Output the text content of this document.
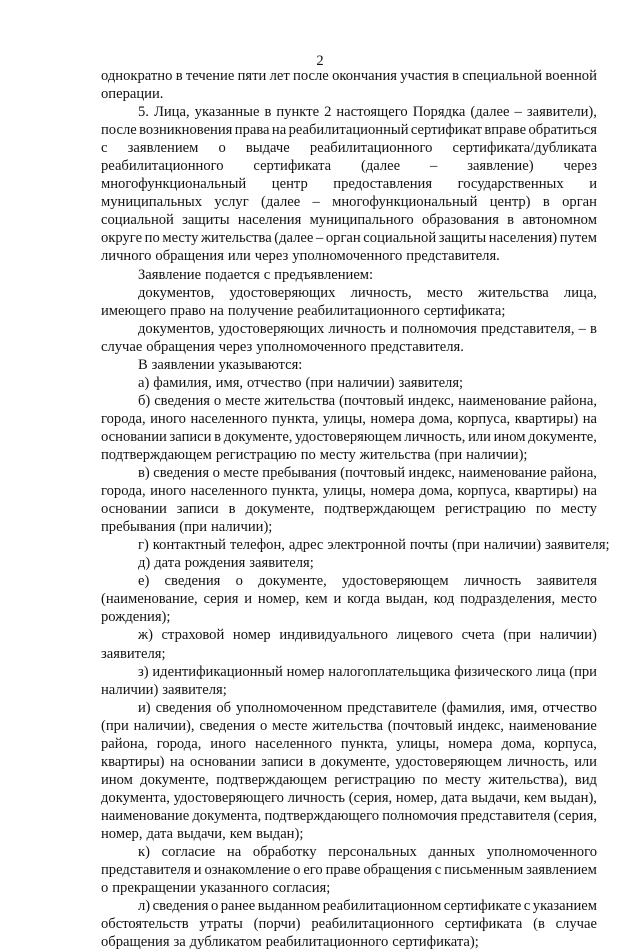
2
однократно в течение пяти лет после окончания участия в специальной военной
операции.
5. Лица, указанные в пункте 2 настоящего Порядка (далее – заявители),
после возникновения права на реабилитационный сертификат вправе обратиться
с заявлением о выдаче реабилитационного сертификата/дубликата
реабилитационного сертификата (далее – заявление) через
многофункциональный центр предоставления государственных и
муниципальных услуг (далее – многофункциональный центр) в орган
социальной защиты населения муниципального образования в автономном
округе по месту жительства (далее – орган социальной защиты населения) путем
личного обращения или через уполномоченного представителя.
Заявление подается с предъявлением:
документов, удостоверяющих личность, место жительства лица,
имеющего право на получение реабилитационного сертификата;
документов, удостоверяющих личность и полномочия представителя, – в
случае обращения через уполномоченного представителя.
В заявлении указываются:
а) фамилия, имя, отчество (при наличии) заявителя;
б) сведения о месте жительства (почтовый индекс, наименование района,
города, иного населенного пункта, улицы, номера дома, корпуса, квартиры) на
основании записи в документе, удостоверяющем личность, или ином документе,
подтверждающем регистрацию по месту жительства (при наличии);
в) сведения о месте пребывания (почтовый индекс, наименование района,
города, иного населенного пункта, улицы, номера дома, корпуса, квартиры) на
основании записи в документе, подтверждающем регистрацию по месту
пребывания (при наличии);
г) контактный телефон, адрес электронной почты (при наличии) заявителя;
д) дата рождения заявителя;
е) сведения о документе, удостоверяющем личность заявителя
(наименование, серия и номер, кем и когда выдан, код подразделения, место
рождения);
ж) страховой номер индивидуального лицевого счета (при наличии)
заявителя;
з) идентификационный номер налогоплательщика физического лица (при
наличии) заявителя;
и) сведения об уполномоченном представителе (фамилия, имя, отчество
(при наличии), сведения о месте жительства (почтовый индекс, наименование
района, города, иного населенного пункта, улицы, номера дома, корпуса,
квартиры) на основании записи в документе, удостоверяющем личность, или
ином документе, подтверждающем регистрацию по месту жительства), вид
документа, удостоверяющего личность (серия, номер, дата выдачи, кем выдан),
наименование документа, подтверждающего полномочия представителя (серия,
номер, дата выдачи, кем выдан);
к) согласие на обработку персональных данных уполномоченного
представителя и ознакомление о его праве обращения с письменным заявлением
о прекращении указанного согласия;
л) сведения о ранее выданном реабилитационном сертификате с указанием
обстоятельств утраты (порчи) реабилитационного сертификата (в случае
обращения за дубликатом реабилитационного сертификата);
